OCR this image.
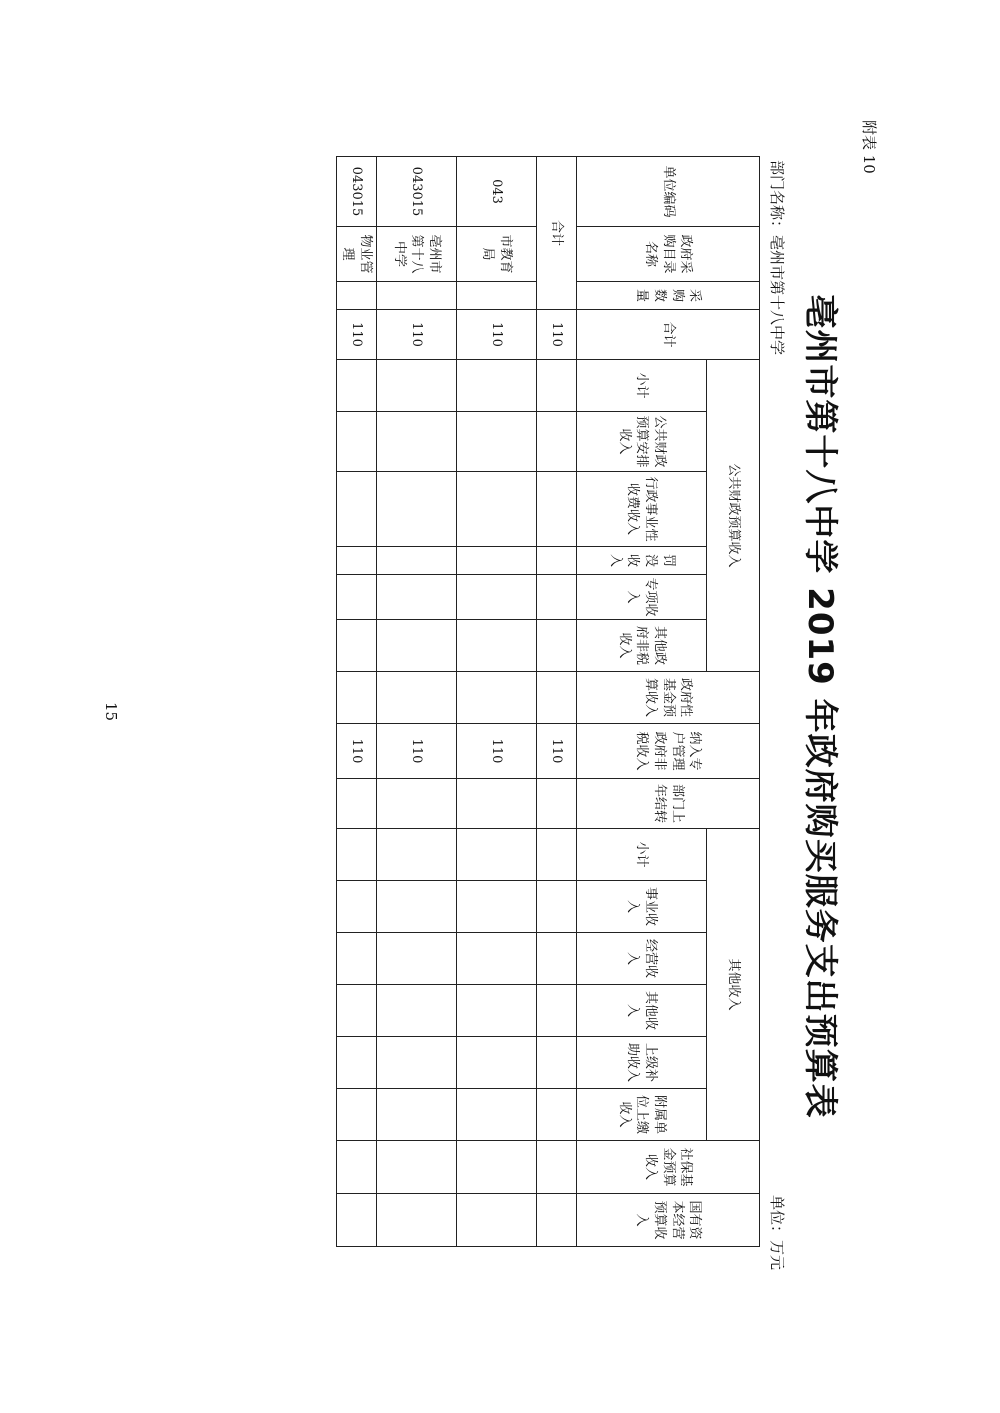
附表 10
亳州市第十八中学 2019 年政府购买服务支出预算表
部门名称：亳州市第十八中学
单位：万元
单位编码	政府采购目录名称	采购数量	合计	公共财政预算收入						政府性基金预算收入	纳入专户管理政府非税收入	部门上年结转	其他收入						社保基金预算收入	国有资本经营预算收入
				小计	公共财政预算安排收入	行政事业性收费收入	罚没收入	专项收入	其他政府非税收入				小计	事业收入	经营收入	其他收入	上级补助收入	附属单位上缴收入		
合计			110								110									
043	市教育局		110								110									
043015	亳州市第十八中学		110								110									
043015	物业管理		110								110									
15
